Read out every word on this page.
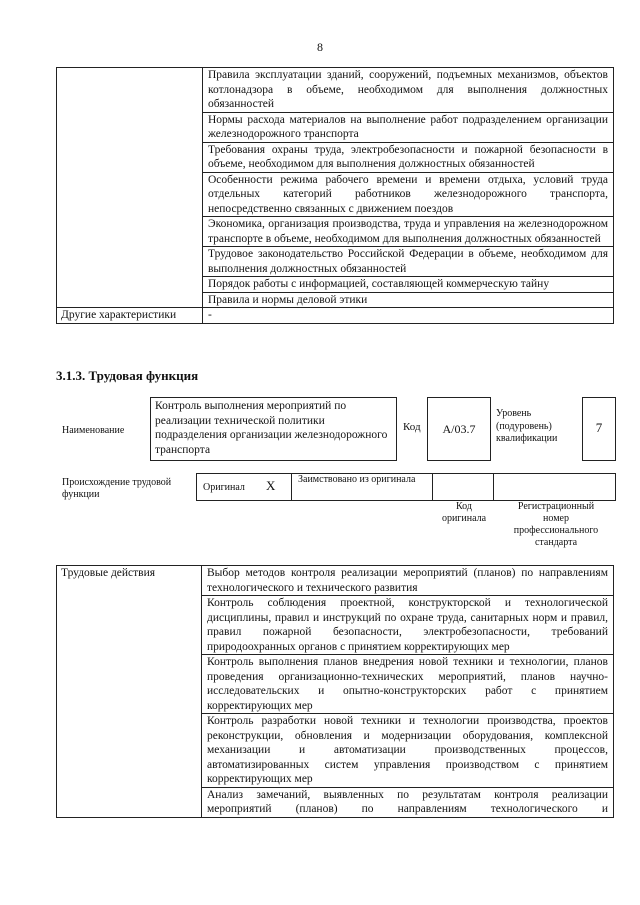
8
	Правила эксплуатации зданий, сооружений, подъемных механизмов, объектов котлонадзора в объеме, необходимом для выполнения должностных обязанностей
	Нормы расхода материалов на выполнение работ подразделением организации железнодорожного транспорта
	Требования охраны труда, электробезопасности и пожарной безопасности в объеме, необходимом для выполнения должностных обязанностей
	Особенности режима рабочего времени и времени отдыха, условий труда отдельных категорий работников железнодорожного транспорта, непосредственно связанных с движением поездов
	Экономика, организация производства, труда и управления на железнодорожном транспорте в объеме, необходимом для выполнения должностных обязанностей
	Трудовое законодательство Российской Федерации в объеме, необходимом для выполнения должностных обязанностей
	Порядок работы с информацией, составляющей коммерческую тайну
	Правила и нормы деловой этики
Другие характеристики	-
3.1.3. Трудовая функция
Наименование
Контроль выполнения мероприятий по реализации технической политики подразделения организации железнодорожного транспорта
Код	А/03.7
Уровень (подуровень) квалификации
7
Происхождение трудовой функции
Оригинал X Заимствовано из оригинала
Код оригинала
Регистрационный номер профессионального стандарта
Трудовые действия	Выбор методов контроля реализации мероприятий (планов) по направлениям технологического и технического развития
Контроль соблюдения проектной, конструкторской и технологической дисциплины, правил и инструкций по охране труда, санитарных норм и правил, правил пожарной безопасности, электробезопасности, требований природоохранных органов с принятием корректирующих мер
Контроль выполнения планов внедрения новой техники и технологии, планов проведения организационно-технических мероприятий, планов научно-исследовательских и опытно-конструкторских работ с принятием корректирующих мер
Контроль разработки новой техники и технологии производства, проектов реконструкции, обновления и модернизации оборудования, комплексной механизации и автоматизации производственных процессов, автоматизированных систем управления производством с принятием корректирующих мер
Анализ замечаний, выявленных по результатам контроля реализации мероприятий (планов) по направлениям технологического и
